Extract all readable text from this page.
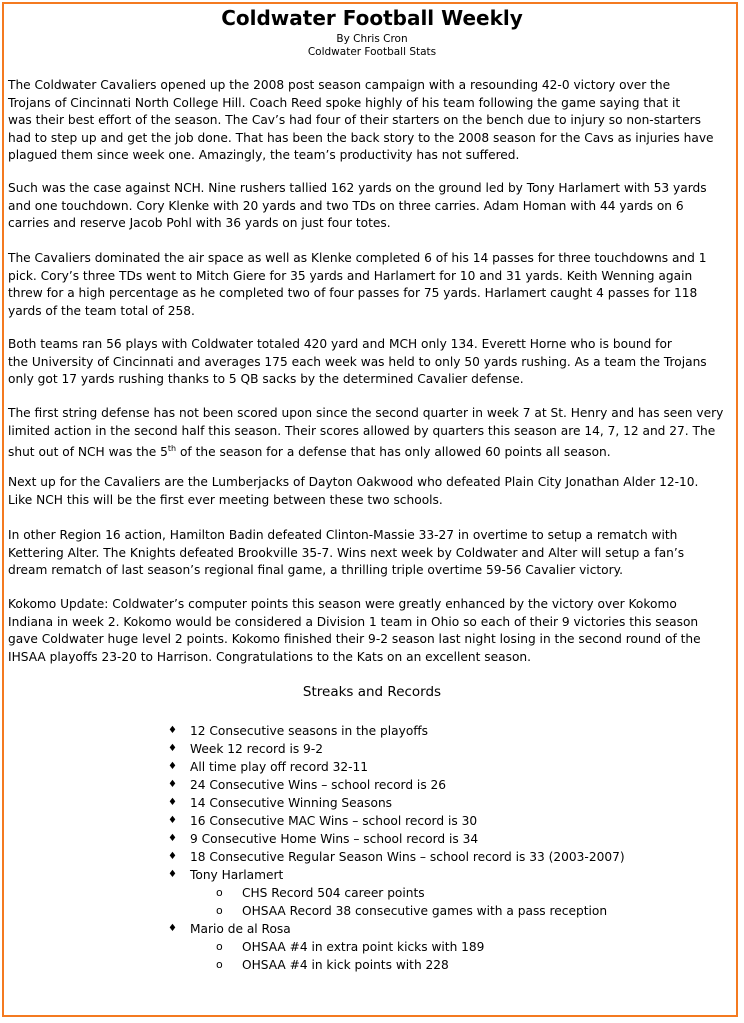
Coldwater Football Weekly
By Chris Cron
Coldwater Football Stats
The Coldwater Cavaliers opened up the 2008 post season campaign with a resounding 42-0 victory over the
Trojans of Cincinnati North College Hill. Coach Reed spoke highly of his team following the game saying that it
was their best effort of the season. The Cav’s had four of their starters on the bench due to injury so non-starters
had to step up and get the job done. That has been the back story to the 2008 season for the Cavs as injuries have
plagued them since week one. Amazingly, the team’s productivity has not suffered.
Such was the case against NCH. Nine rushers tallied 162 yards on the ground led by Tony Harlamert with 53 yards
and one touchdown. Cory Klenke with 20 yards and two TDs on three carries. Adam Homan with 44 yards on 6
carries and reserve Jacob Pohl with 36 yards on just four totes.
The Cavaliers dominated the air space as well as Klenke completed 6 of his 14 passes for three touchdowns and 1
pick. Cory’s three TDs went to Mitch Giere for 35 yards and Harlamert for 10 and 31 yards. Keith Wenning again
threw for a high percentage as he completed two of four passes for 75 yards. Harlamert caught 4 passes for 118
yards of the team total of 258.
Both teams ran 56 plays with Coldwater totaled 420 yard and MCH only 134. Everett Horne who is bound for
the University of Cincinnati and averages 175 each week was held to only 50 yards rushing. As a team the Trojans
only got 17 yards rushing thanks to 5 QB sacks by the determined Cavalier defense.
The first string defense has not been scored upon since the second quarter in week 7 at St. Henry and has seen very
limited action in the second half this season. Their scores allowed by quarters this season are 14, 7, 12 and 27. The
shut out of NCH was the 5th of the season for a defense that has only allowed 60 points all season.
Next up for the Cavaliers are the Lumberjacks of Dayton Oakwood who defeated Plain City Jonathan Alder 12-10.
Like NCH this will be the first ever meeting between these two schools.
In other Region 16 action, Hamilton Badin defeated Clinton-Massie 33-27 in overtime to setup a rematch with
Kettering Alter. The Knights defeated Brookville 35-7. Wins next week by Coldwater and Alter will setup a fan’s
dream rematch of last season’s regional final game, a thrilling triple overtime 59-56 Cavalier victory.
Kokomo Update: Coldwater’s computer points this season were greatly enhanced by the victory over Kokomo
Indiana in week 2. Kokomo would be considered a Division 1 team in Ohio so each of their 9 victories this season
gave Coldwater huge level 2 points. Kokomo finished their 9-2 season last night losing in the second round of the
IHSAA playoffs 23-20 to Harrison. Congratulations to the Kats on an excellent season.
Streaks and Records
♦ 12 Consecutive seasons in the playoffs
♦ Week 12 record is 9-2
♦ All time play off record 32-11
♦ 24 Consecutive Wins – school record is 26
♦ 14 Consecutive Winning Seasons
♦ 16 Consecutive MAC Wins – school record is 30
♦ 9 Consecutive Home Wins – school record is 34
♦ 18 Consecutive Regular Season Wins – school record is 33 (2003-2007)
♦ Tony Harlamert
o CHS Record 504 career points
o OHSAA Record 38 consecutive games with a pass reception
♦ Mario de al Rosa
o OHSAA #4 in extra point kicks with 189
o OHSAA #4 in kick points with 228
